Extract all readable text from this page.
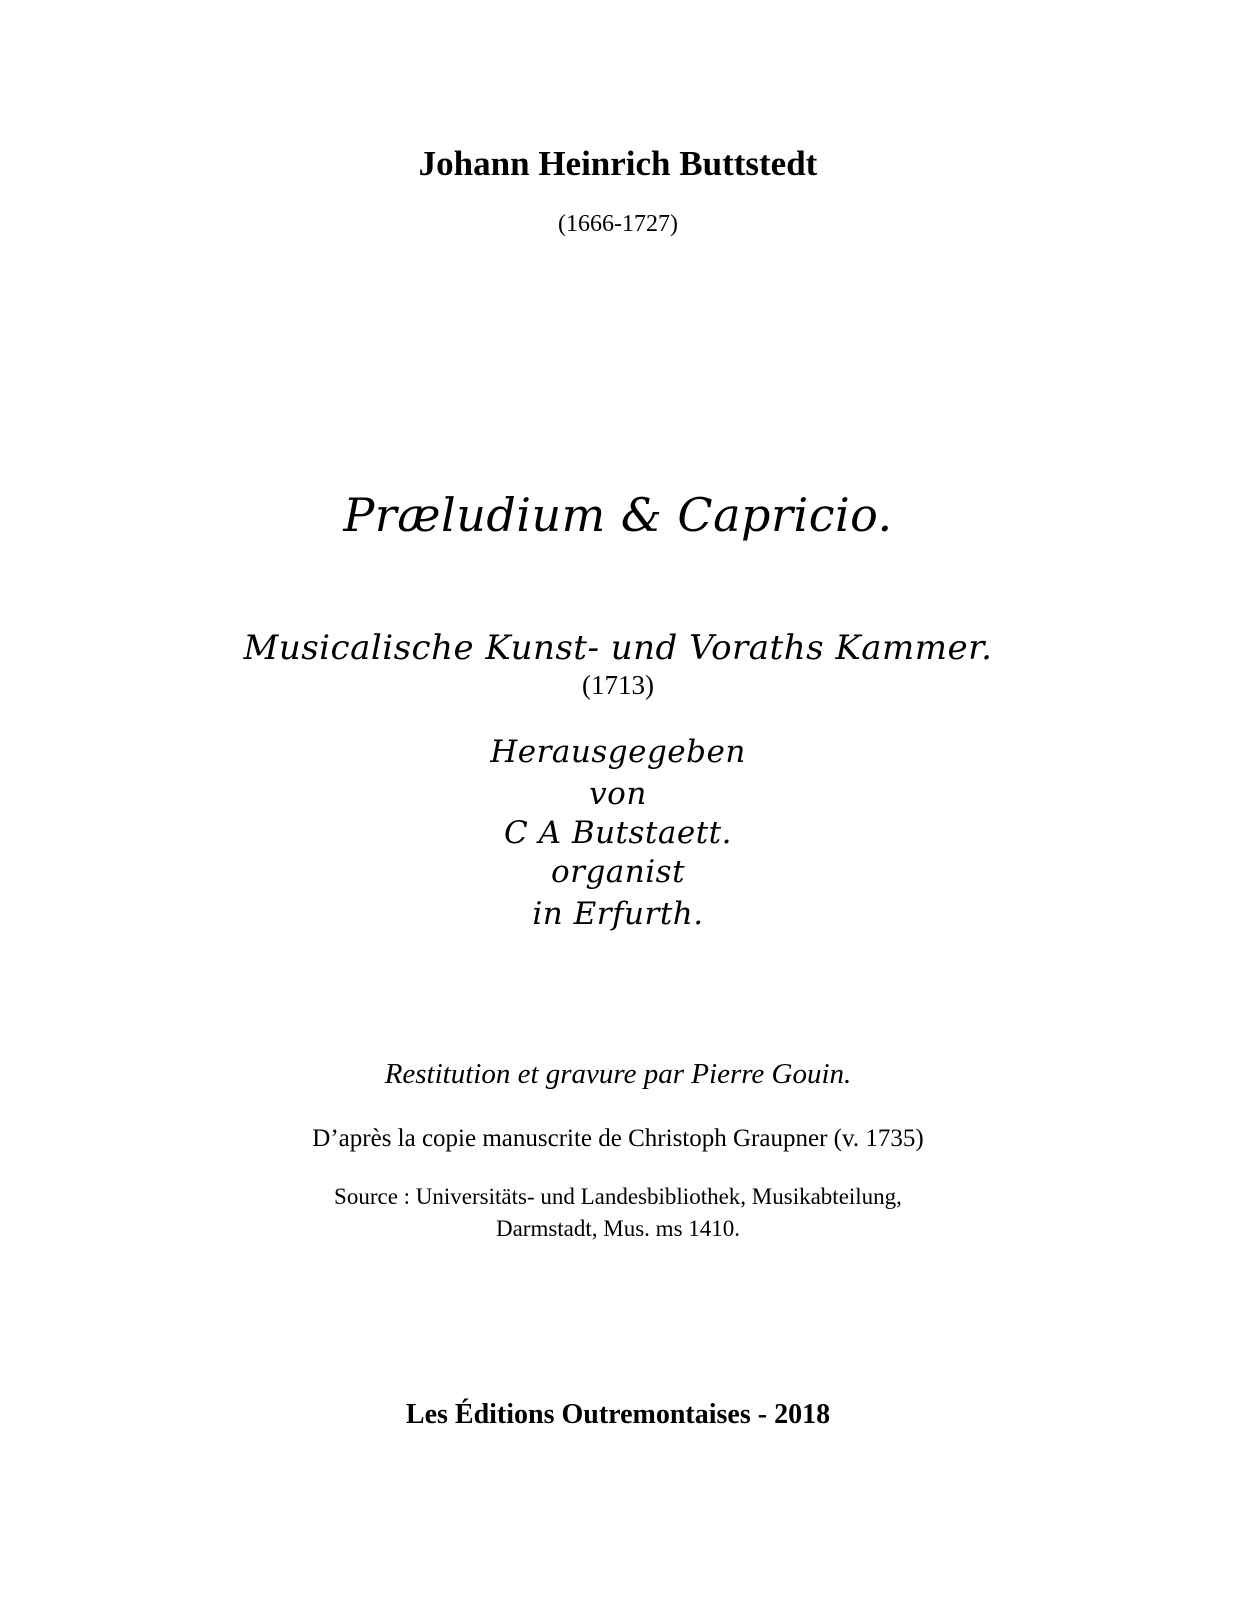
Johann Heinrich Buttstedt
(1666-1727)
Præludium & Capricio.
Musicalische Kunst- und Voraths Kammer.
(1713)
Herausgegeben
von
C A Butstaett.
organist
in Erfurth.
Restitution et gravure par Pierre Gouin.
D’après la copie manuscrite de Christoph Graupner (v. 1735)
Source : Universitäts- und Landesbibliothek, Musikabteilung,
Darmstadt, Mus. ms 1410.
Les Éditions Outremontaises - 2018
